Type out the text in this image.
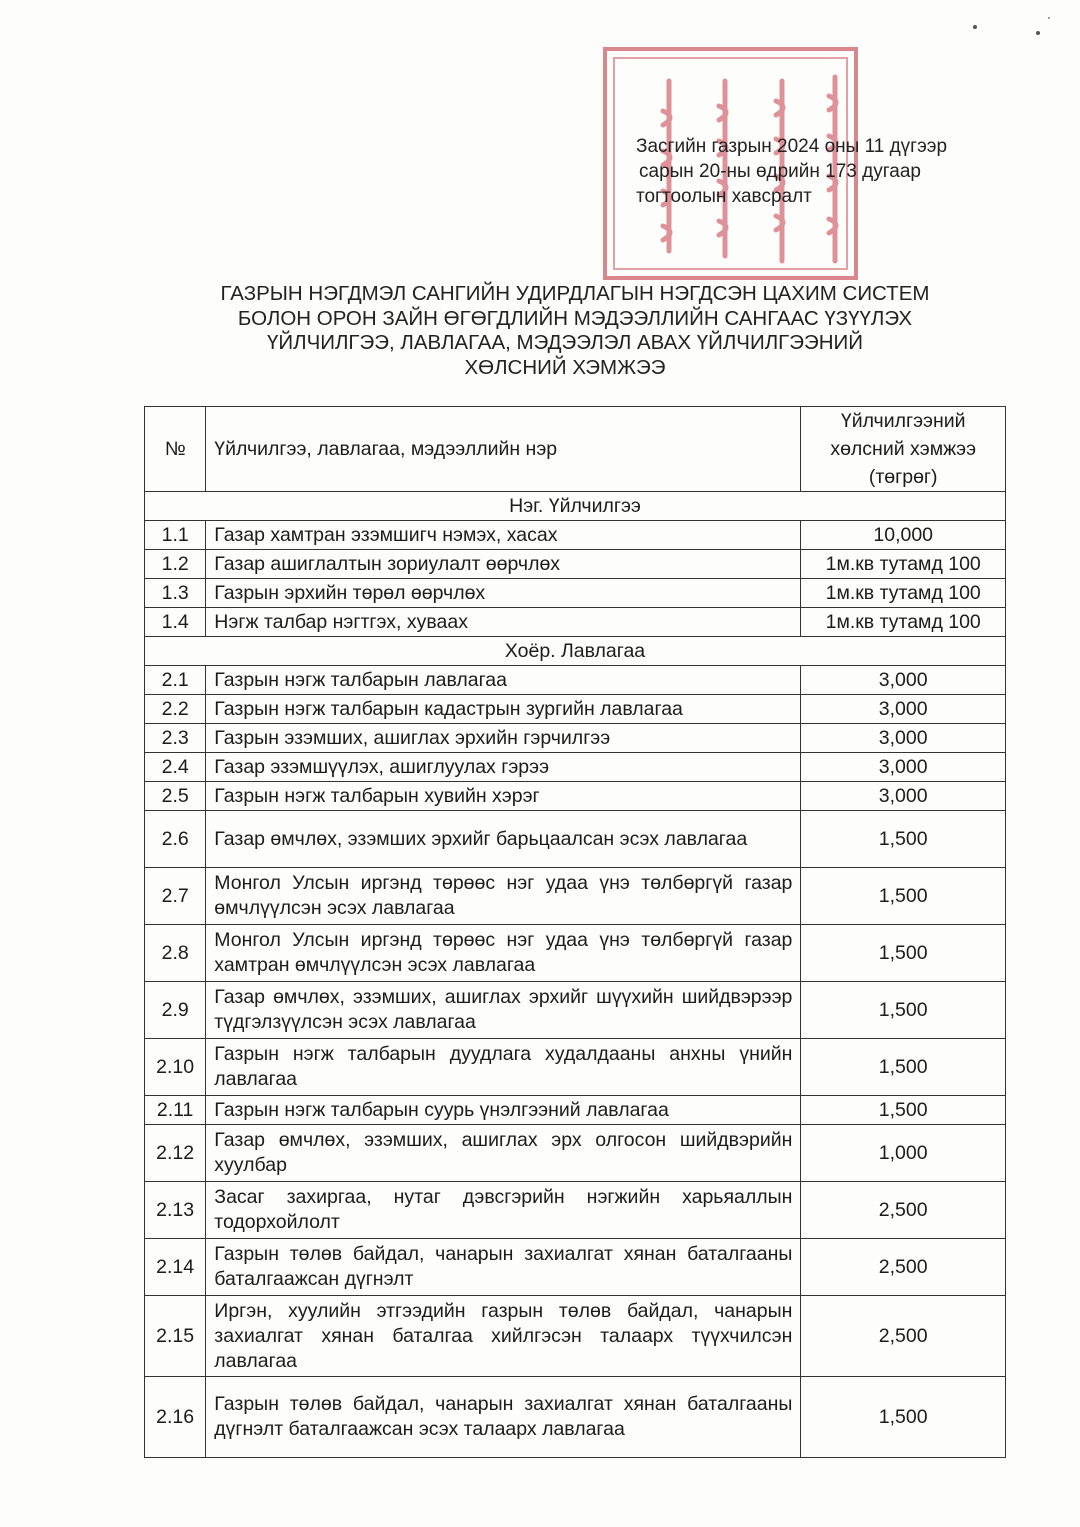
Засгийн газрын 2024 оны 11 дүгээр
сарын 20-ны өдрийн 173 дугаар
тогтоолын хавсралт
ГАЗРЫН НЭГДМЭЛ САНГИЙН УДИРДЛАГЫН НЭГДСЭН ЦАХИМ СИСТЕМ
БОЛОН ОРОН ЗАЙН ӨГӨГДЛИЙН МЭДЭЭЛЛИЙН САНГААС ҮЗҮҮЛЭХ
ҮЙЛЧИЛГЭЭ, ЛАВЛАГАА, МЭДЭЭЛЭЛ АВАХ ҮЙЛЧИЛГЭЭНИЙ
ХӨЛСНИЙ ХЭМЖЭЭ
№	Үйлчилгээ, лавлагаа, мэдээллийн нэр	Үйлчилгээний
хөлсний хэмжээ
(төгрөг)

Нэг. Үйлчилгээ		
1.1	Газар хамтран эзэмшигч нэмэх, хасах	10,000
1.2	Газар ашиглалтын зориулалт өөрчлөх	1м.кв тутамд 100
1.3	Газрын эрхийн төрөл өөрчлөх	1м.кв тутамд 100
1.4	Нэгж талбар нэгтгэх, хуваах	1м.кв тутамд 100
Хоёр. Лавлагаа		
2.1	Газрын нэгж талбарын лавлагаа	3,000
2.2	Газрын нэгж талбарын кадастрын зургийн лавлагаа	3,000
2.3	Газрын эзэмших, ашиглах эрхийн гэрчилгээ	3,000
2.4	Газар эзэмшүүлэх, ашиглуулах гэрээ	3,000
2.5	Газрын нэгж талбарын хувийн хэрэг	3,000
2.6	Газар өмчлөх, эзэмших эрхийг барьцаалсан эсэх лавлагаа	1,500
2.7	Монгол Улсын иргэнд төрөөс нэг удаа үнэ төлбөргүй газар өмчлүүлсэн эсэх лавлагаа	1,500
2.8	Монгол Улсын иргэнд төрөөс нэг удаа үнэ төлбөргүй газар хамтран өмчлүүлсэн эсэх лавлагаа	1,500
2.9	Газар өмчлөх, эзэмших, ашиглах эрхийг шүүхийн шийдвэрээр түдгэлзүүлсэн эсэх лавлагаа	1,500
2.10	Газрын нэгж талбарын дуудлага худалдааны анхны үнийн лавлагаа	1,500
2.11	Газрын нэгж талбарын суурь үнэлгээний лавлагаа	1,500
2.12	Газар өмчлөх, эзэмших, ашиглах эрх олгосон шийдвэрийн хуулбар	1,000
2.13	Засаг захиргаа, нутаг дэвсгэрийн нэгжийн харьяаллын тодорхойлолт	2,500
2.14	Газрын төлөв байдал, чанарын захиалгат хянан баталгааны баталгаажсан дүгнэлт	2,500
2.15	Иргэн, хуулийн этгээдийн газрын төлөв байдал, чанарын захиалгат хянан баталгаа хийлгэсэн талаарх түүхчилсэн лавлагаа	2,500
2.16	Газрын төлөв байдал, чанарын захиалгат хянан баталгааны дүгнэлт баталгаажсан эсэх талаарх лавлагаа	1,500
